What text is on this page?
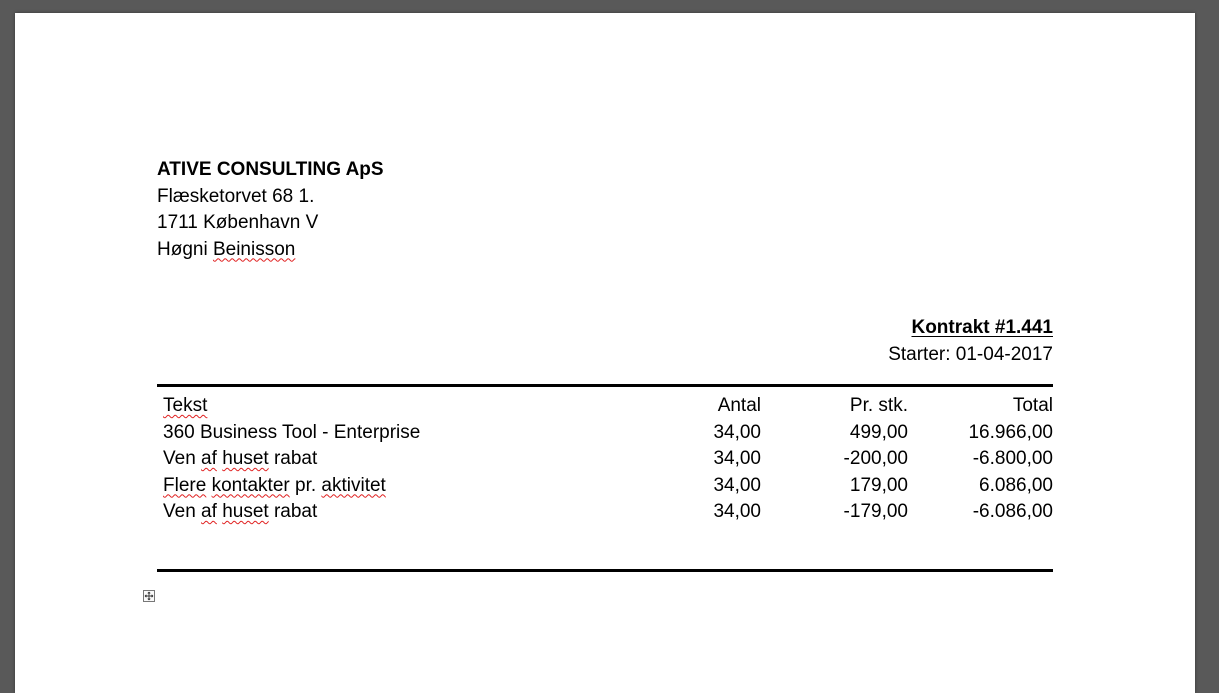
ATIVE CONSULTING ApS
Flæsketorvet 68 1.
1711 København V
Høgni Beinisson
Kontrakt #1.441
Starter: 01-04-2017
Tekst	Antal	Pr. stk.	Total
360 Business Tool - Enterprise	34,00	499,00	16.966,00
Ven af huset rabat	34,00	-200,00	-6.800,00
Flere kontakter pr. aktivitet	34,00	179,00	6.086,00
Ven af huset rabat	34,00	-179,00	-6.086,00
